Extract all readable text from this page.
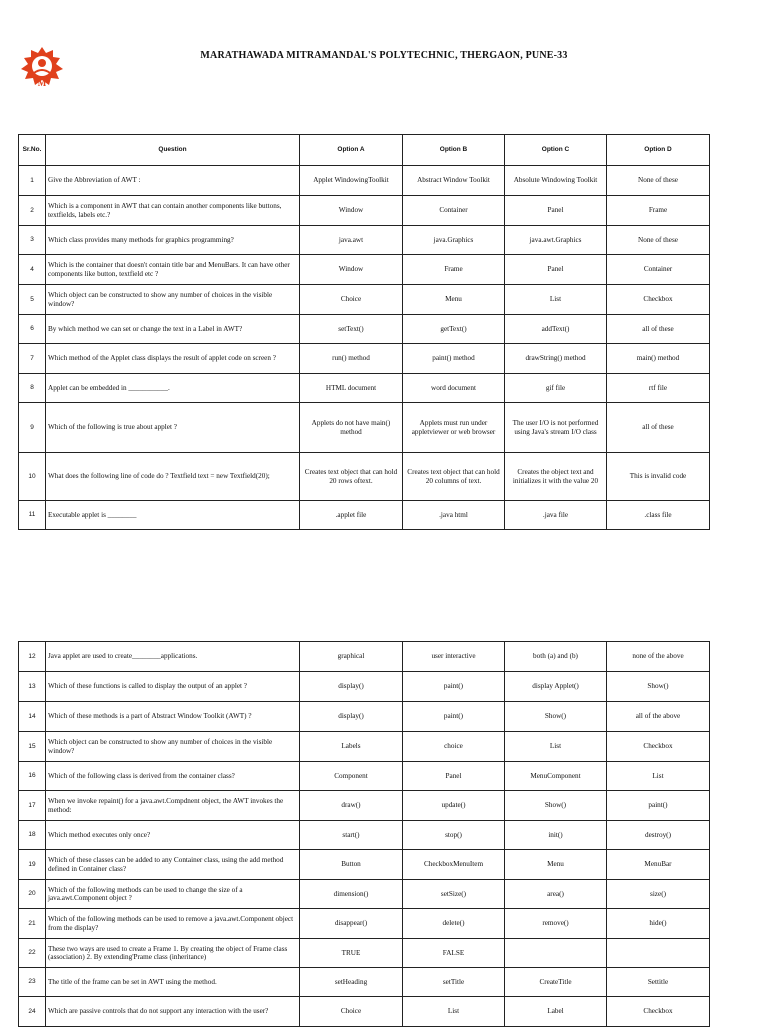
M
MARATHAWADA MITRAMANDAL'S POLYTECHNIC, THERGAON, PUNE-33
Sr.No.	Question	Option A	Option B	Option C	Option D
1	Give the Abbreviation of AWT :	Applet WindowingToolkit	Abstract Window Toolkit	Absolute Windowing Toolkit	None of these
2	Which is a component in AWT that can contain another components like buttons, textfields, labels etc.?	Window	Container	Panel	Frame
3	Which class provides many methods for graphics programming?	java.awt	java.Graphics	java.awt.Graphics	None of these
4	Which is the container that doesn't contain title bar and MenuBars. It can have other components like button, textfield etc ?	Window	Frame	Panel	Container
5	Which object can be constructed to show any number of choices in the visible window?	Choice	Menu	List	Checkbox
6	By which method we can set or change the text in a Label in AWT?	setText()	getText()	addText()	all of these
7	Which method of the Applet class displays the result of applet code on screen ?	run() method	paint() method	drawString() method	main() method
8	Applet can be embedded in ___________.	HTML document	word document	gif file	rtf file
9	Which of the following is true about applet ?	Applets do not have main() method	Applets must run under appletviewer or web browser	The user I/O is not performed using Java's stream I/O class	all of these
10	What does the following line of code do ? Textfield text = new Textfield(20);	Creates text object that can hold 20 rows oftext.	Creates text object that can hold 20 columns of text.	Creates the object text and initializes it with the value 20	This is invalid code
11	Executable applet is ________	.applet file	.java html	.java file	.class file
12	Java applet are used to create________applications.	graphical	user interactive	both (a) and (b)	none of the above
13	Which of these functions is called to display the output of an applet ?	display()	paint()	display Applet()	Show()
14	Which of these methods is a part of Abstract Window Toolkit (AWT) ?	display()	paint()	Show()	all of the above
15	Which object can be constructed to show any number of choices in the visible window?	Labels	choice	List	Checkbox
16	Which of the following class is derived from the container class?	Component	Panel	MenuComponent	List
17	When we invoke repaint() for a java.awt.Compdnent object, the AWT invokes the method:	draw()	update()	Show()	paint()
18	Which method executes only once?	start()	stop()	init()	destroy()
19	Which of these classes can be added to any Container class, using the add method defined in Container class?	Button	CheckboxMenuItem	Menu	MenuBar
20	Which of the following methods can be used to change the size of a java.awt.Component object ?	dimension()	setSize()	area()	size()
21	Which of the following methods can be used to remove a java.awt.Component object from the display?	disappear()	delete()	remove()	hide()
22	These two ways are used to create a Frame 1. By creating the object of Frame class (association) 2. By extending'Prame class (inheritance)	TRUE	FALSE		
23	The title of the frame can be set in AWT using the method.	setHeading	setTitle	CreateTitle	Settitle
24	Which are passive controls that do not support any interaction with the user?	Choice	List	Label	Checkbox
